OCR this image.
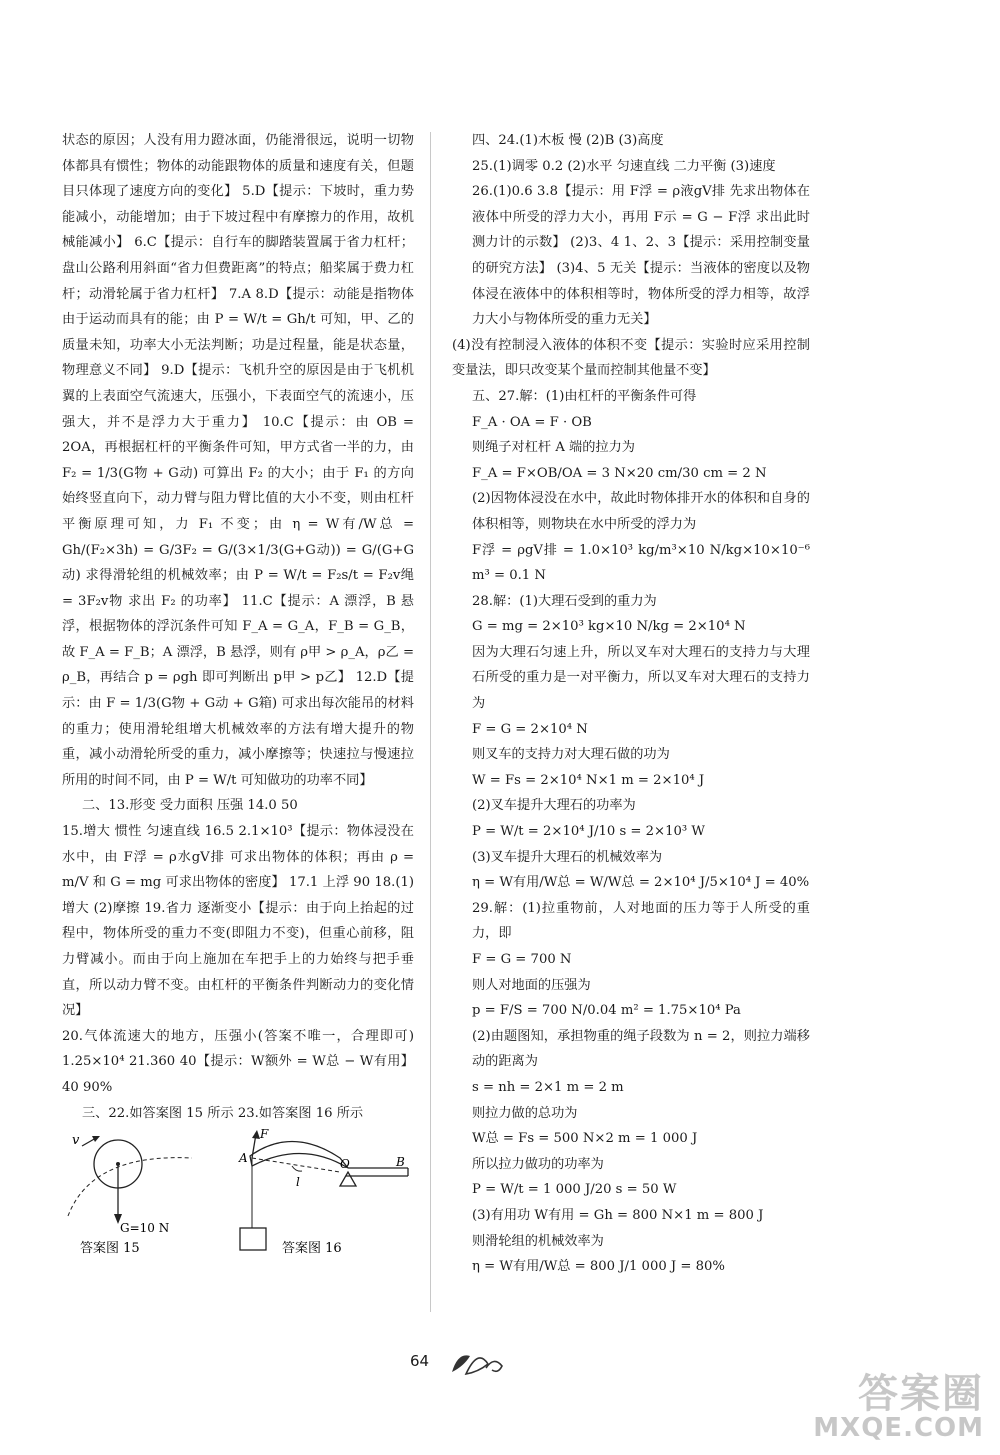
状态的原因；人没有用力蹬冰面，仍能滑很远，说明一切物体都具有惯性；物体的动能跟物体的质量和速度有关，但题目只体现了速度方向的变化】 5.D【提示：下坡时，重力势能减小，动能增加；由于下坡过程中有摩擦力的作用，故机械能减小】 6.C【提示：自行车的脚踏装置属于省力杠杆；盘山公路利用斜面“省力但费距离”的特点；船桨属于费力杠杆；动滑轮属于省力杠杆】 7.A 8.D【提示：动能是指物体由于运动而具有的能；由 P = W/t = Gh/t 可知，甲、乙的质量未知，功率大小无法判断；功是过程量，能是状态量，物理意义不同】 9.D【提示：飞机升空的原因是由于飞机机翼的上表面空气流速大，压强小，下表面空气的流速小，压强大，并不是浮力大于重力】 10.C【提示：由 OB = 2OA，再根据杠杆的平衡条件可知，甲方式省一半的力，由 F₂ = 1/3(G物 + G动) 可算出 F₂ 的大小；由于 F₁ 的方向始终竖直向下，动力臂与阻力臂比值的大小不变，则由杠杆平衡原理可知，力 F₁ 不变；由 η = W有/W总 = Gh/(F₂×3h) = G/3F₂ = G/(3×1/3(G+G动)) = G/(G+G动) 求得滑轮组的机械效率；由 P = W/t = F₂s/t = F₂v绳 = 3F₂v物 求出 F₂ 的功率】 11.C【提示：A 漂浮，B 悬浮，根据物体的浮沉条件可知 F_A = G_A，F_B = G_B，故 F_A = F_B；A 漂浮，B 悬浮，则有 ρ甲 > ρ_A，ρ乙 = ρ_B，再结合 p = ρgh 即可判断出 p甲 > p乙】 12.D【提示：由 F = 1/3(G物 + G动 + G箱) 可求出每次能吊的材料的重力；使用滑轮组增大机械效率的方法有增大提升的物重，减小动滑轮所受的重力，减小摩擦等；快速拉与慢速拉所用的时间不同，由 P = W/t 可知做功的功率不同】

二、13.形变 受力面积 压强 14.0 50

15.增大 惯性 匀速直线 16.5 2.1×10³【提示：物体浸没在水中，由 F浮 = ρ水gV排 可求出物体的体积；再由 ρ = m/V 和 G = mg 可求出物体的密度】 17.1 上浮 90 18.(1)增大 (2)摩擦 19.省力 逐渐变小【提示：由于向上抬起的过程中，物体所受的重力不变(即阻力不变)，但重心前移，阻力臂减小。而由于向上施加在车把手上的力始终与把手垂直，所以动力臂不变。由杠杆的平衡条件判断动力的变化情况】

20.气体流速大的地方，压强小(答案不唯一，合理即可) 1.25×10⁴ 21.360 40【提示：W额外 = W总 − W有用】 40 90%

三、22.如答案图 15 所示 23.如答案图 16 所示

v
G=10 N
答案图 15
A
F
O
l
B
答案图 16

四、24.(1)木板 慢 (2)B (3)高度

25.(1)调零 0.2 (2)水平 匀速直线 二力平衡 (3)速度

26.(1)0.6 3.8【提示：用 F浮 = ρ液gV排 先求出物体在液体中所受的浮力大小，再用 F示 = G − F浮 求出此时测力计的示数】 (2)3、4 1、2、3【提示：采用控制变量的研究方法】 (3)4、5 无关【提示：当液体的密度以及物体浸在液体中的体积相等时，物体所受的浮力相等，故浮力大小与物体所受的重力无关】

(4)没有控制浸入液体的体积不变【提示：实验时应采用控制变量法，即只改变某个量而控制其他量不变】

五、27.解：(1)由杠杆的平衡条件可得

F_A · OA = F · OB

则绳子对杠杆 A 端的拉力为

F_A = F×OB/OA = 3 N×20 cm/30 cm = 2 N

(2)因物体浸没在水中，故此时物体排开水的体积和自身的体积相等，则物块在水中所受的浮力为

F浮 = ρgV排 = 1.0×10³ kg/m³×10 N/kg×10×10⁻⁶ m³ = 0.1 N

28.解：(1)大理石受到的重力为

G = mg = 2×10³ kg×10 N/kg = 2×10⁴ N

因为大理石匀速上升，所以叉车对大理石的支持力与大理石所受的重力是一对平衡力，所以叉车对大理石的支持力为

F = G = 2×10⁴ N

则叉车的支持力对大理石做的功为

W = Fs = 2×10⁴ N×1 m = 2×10⁴ J

(2)叉车提升大理石的功率为

P = W/t = 2×10⁴ J/10 s = 2×10³ W

(3)叉车提升大理石的机械效率为

η = W有用/W总 = W/W总 = 2×10⁴ J/5×10⁴ J = 40%

29.解：(1)拉重物前，人对地面的压力等于人所受的重力，即

F = G = 700 N

则人对地面的压强为

p = F/S = 700 N/0.04 m² = 1.75×10⁴ Pa

(2)由题图知，承担物重的绳子段数为 n = 2，则拉力端移动的距离为

s = nh = 2×1 m = 2 m

则拉力做的总功为

W总 = Fs = 500 N×2 m = 1 000 J

所以拉力做功的功率为

P = W/t = 1 000 J/20 s = 50 W

(3)有用功 W有用 = Gh = 800 N×1 m = 800 J

则滑轮组的机械效率为

η = W有用/W总 = 800 J/1 000 J = 80%

64
答案圈
MXQE.COM
